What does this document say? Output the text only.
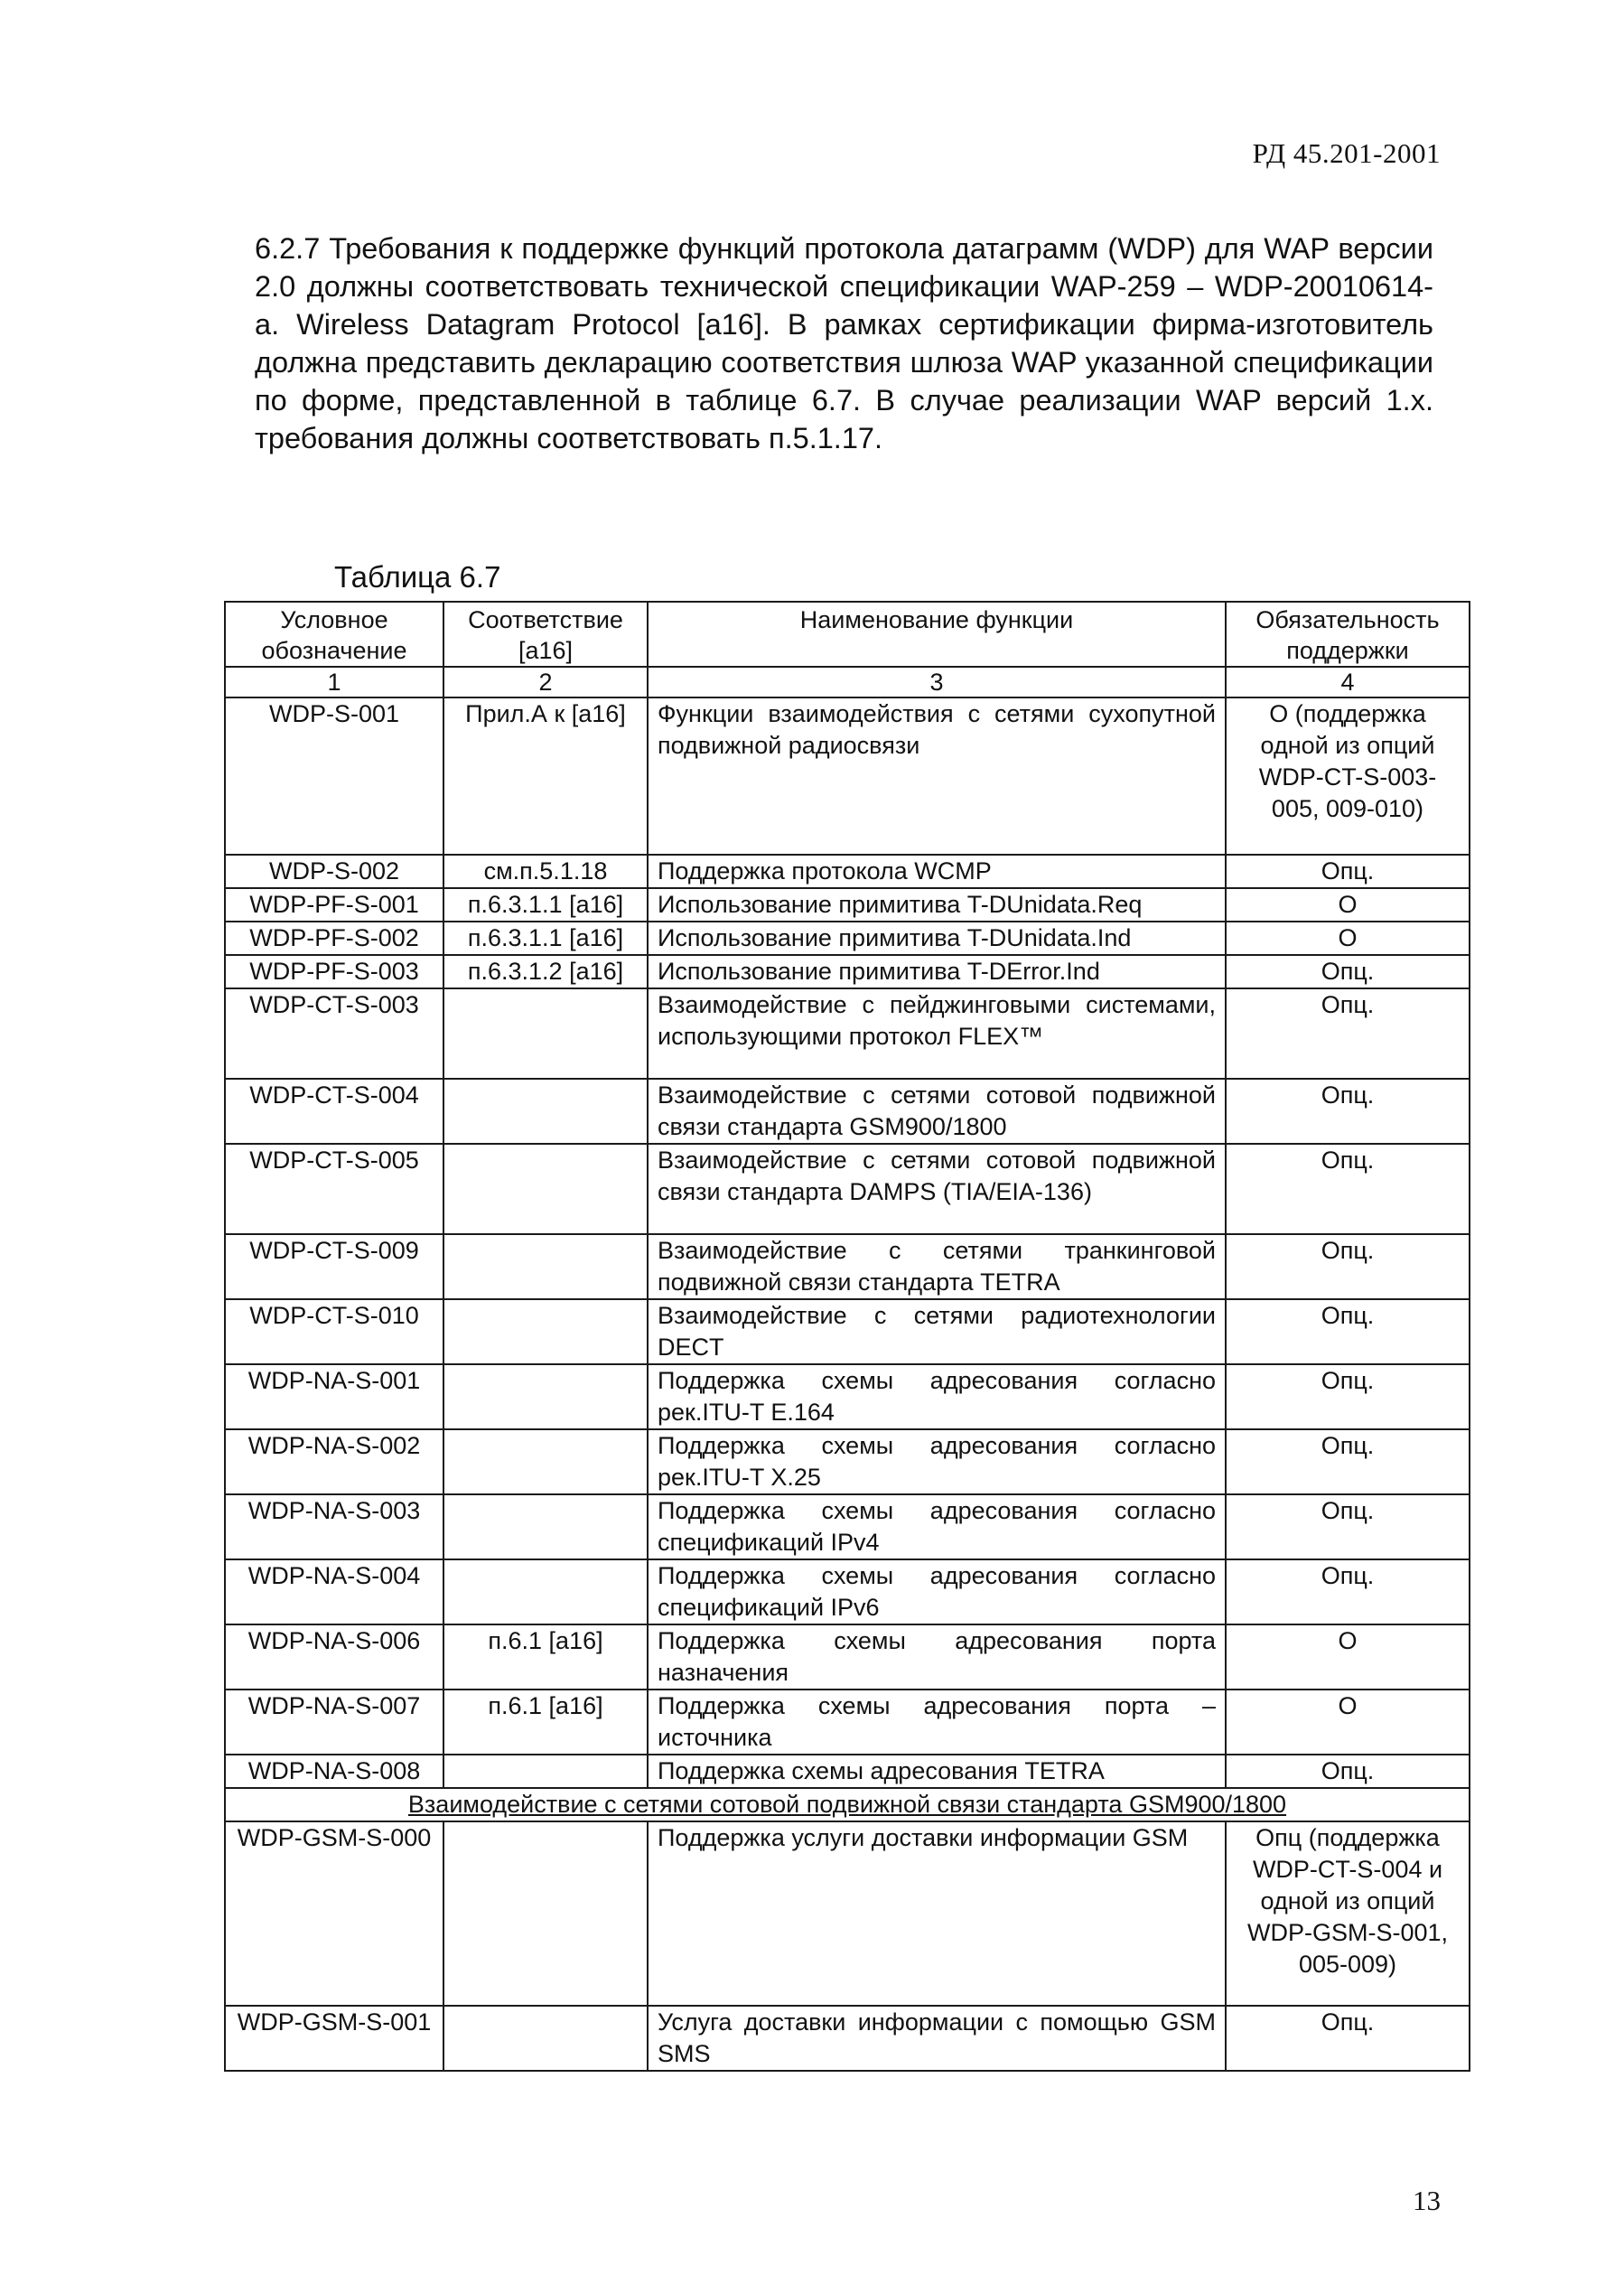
РД 45.201-2001
6.2.7 Требования к поддержке функций протокола датаграмм (WDP) для WAP версии 2.0 должны соответствовать технической спецификации WAP-259 – WDP-20010614-a. Wireless Datagram Protocol [a16]. В рамках сертификации фирма-изготовитель должна представить декларацию соответствия шлюза WAP указанной спецификации по форме, представленной в таблице 6.7. В случае реализации WAP версий 1.x. требования должны соответствовать п.5.1.17.
Таблица 6.7
Условное обозначение	Соответствие [a16]	Наименование функции	Обязательность поддержки
1	2	3	4
WDP-S-001	Прил.А к [a16]	Функции взаимодействия с сетями сухопутной подвижной радиосвязи	О (поддержка одной из опций WDP-CT-S-003-005, 009-010)
WDP-S-002	см.п.5.1.18	Поддержка протокола WCMP	Опц.
WDP-PF-S-001	п.6.3.1.1 [a16]	Использование примитива T-DUnidata.Req	О
WDP-PF-S-002	п.6.3.1.1 [a16]	Использование примитива T-DUnidata.Ind	О
WDP-PF-S-003	п.6.3.1.2 [a16]	Использование примитива T-DError.Ind	Опц.
WDP-CT-S-003		Взаимодействие с пейджинговыми системами, использующими протокол FLEX™	Опц.
WDP-CT-S-004		Взаимодействие с сетями сотовой подвижной связи стандарта GSM900/1800	Опц.
WDP-CT-S-005		Взаимодействие с сетями сотовой подвижной связи стандарта DAMPS (TIA/EIA-136)	Опц.
WDP-CT-S-009		Взаимодействие с сетями транкинговой подвижной связи стандарта TETRA	Опц.
WDP-CT-S-010		Взаимодействие с сетями радиотехнологии DECT	Опц.
WDP-NA-S-001		Поддержка схемы адресования согласно рек.ITU-T E.164	Опц.
WDP-NA-S-002		Поддержка схемы адресования согласно рек.ITU-T X.25	Опц.
WDP-NA-S-003		Поддержка схемы адресования согласно спецификаций IPv4	Опц.
WDP-NA-S-004		Поддержка схемы адресования согласно спецификаций IPv6	Опц.
WDP-NA-S-006	п.6.1 [a16]	Поддержка схемы адресования порта назначения	О
WDP-NA-S-007	п.6.1 [a16]	Поддержка схемы адресования порта – источника	О
WDP-NA-S-008		Поддержка схемы адресования TETRA	Опц.
Взаимодействие с сетями сотовой подвижной связи стандарта GSM900/1800			
WDP-GSM-S-000		Поддержка услуги доставки информации GSM	Опц (поддержка WDP-CT-S-004 и одной из опций WDP-GSM-S-001, 005-009)
WDP-GSM-S-001		Услуга доставки информации с помощью GSM SMS	Опц.
13
